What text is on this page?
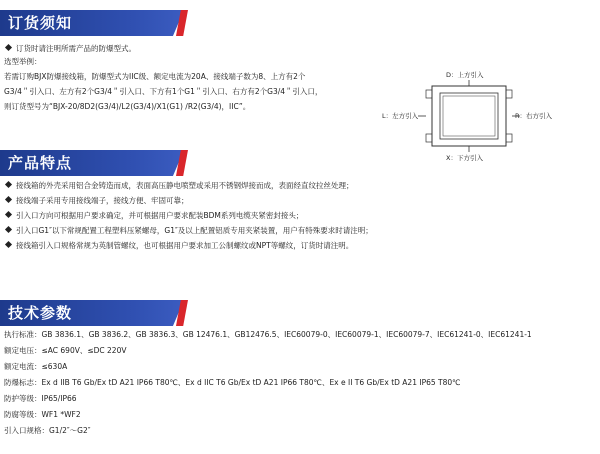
订货须知
订货时请注明所需产品的防爆型式。
选型举例：
若需订购BJX防爆接线箱，防爆型式为IIC级、额定电流为20A、接线端子数为8、上方有2个
G3/4＂引入口、左方有2个G3/4＂引入口、下方有1个G1＂引入口、右方有2个G3/4＂引入口，
则订货型号为“BJX-20/8D2(G3/4)/L2(G3/4)/X1(G1) /R2(G3/4)，IIC”。
D：上方引入
L：左方引入	R：右方引入
X：下方引入
产品特点
接线箱的外壳采用铝合金铸造而成，表面高压静电喷塑或采用不锈钢焊接而成，表面经直纹拉丝处理；
接线端子采用专用接线端子，接线方便、牢固可靠；
引入口方向可根据用户要求确定，并可根据用户要求配装BDM系列电缆夹紧密封接头；
引入口G1″以下常规配置工程塑料压紧螺母，G1″及以上配置铝质专用夹紧装置，用户有特殊要求时请注明；
接线箱引入口规格常规为英制管螺纹，也可根据用户要求加工公制螺纹或NPT等螺纹，订货时请注明。
技术参数
执行标准：GB 3836.1、GB 3836.2、GB 3836.3、GB 12476.1、GB12476.5、IEC60079-0、IEC60079-1、IEC60079-7、IEC61241-0、IEC61241-1
额定电压：≤AC 690V、≤DC 220V
额定电流：≤630A
防爆标志：Ex d IIB T6 Gb/Ex tD A21 IP66 T80℃、Ex d IIC T6 Gb/Ex tD A21 IP66 T80℃、Ex e II T6 Gb/Ex tD A21 IP65 T80℃
防护等级：IP65/IP66
防腐等级：WF1 *WF2
引入口规格：G1/2″～G2″
